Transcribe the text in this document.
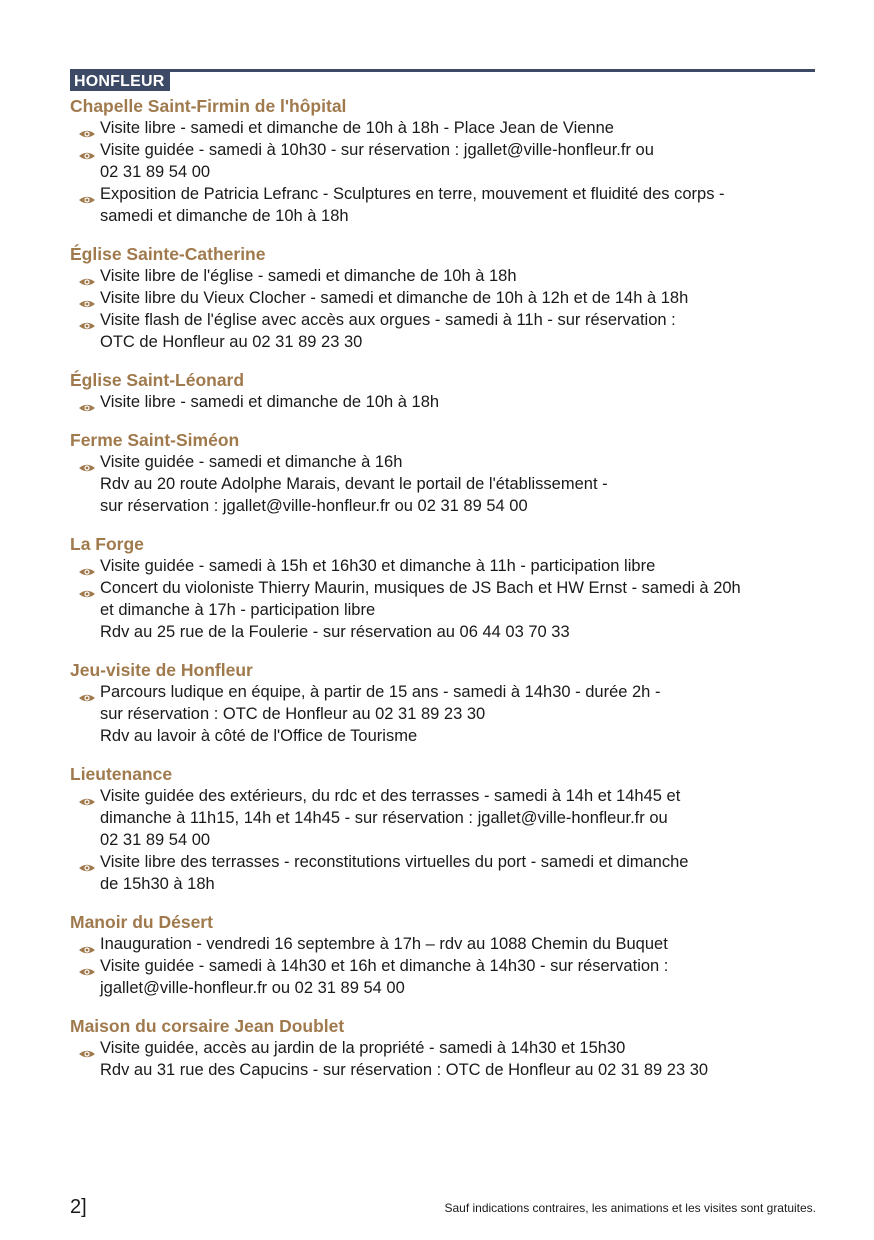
HONFLEUR
Chapelle Saint-Firmin de l'hôpital
Visite libre - samedi et dimanche de 10h à 18h - Place Jean de Vienne
Visite guidée - samedi à 10h30 - sur réservation : jgallet@ville-honfleur.fr ou
02 31 89 54 00
Exposition de Patricia Lefranc - Sculptures en terre, mouvement et fluidité des corps -
samedi et dimanche de 10h à 18h
Église Sainte-Catherine
Visite libre de l'église - samedi et dimanche de 10h à 18h
Visite libre du Vieux Clocher - samedi et dimanche de 10h à 12h et de 14h à 18h
Visite flash de l'église avec accès aux orgues - samedi à 11h - sur réservation :
OTC de Honfleur au 02 31 89 23 30
Église Saint-Léonard
Visite libre - samedi et dimanche de 10h à 18h
Ferme Saint-Siméon
Visite guidée - samedi et dimanche à 16h
Rdv au 20 route Adolphe Marais, devant le portail de l'établissement -
sur réservation : jgallet@ville-honfleur.fr ou 02 31 89 54 00
La Forge
Visite guidée - samedi à 15h et 16h30 et dimanche à 11h - participation libre
Concert du violoniste Thierry Maurin, musiques de JS Bach et HW Ernst - samedi à 20h
et dimanche à 17h - participation libre
Rdv au 25 rue de la Foulerie - sur réservation au 06 44 03 70 33
Jeu-visite de Honfleur
Parcours ludique en équipe, à partir de 15 ans - samedi à 14h30 - durée 2h -
sur réservation : OTC de Honfleur au 02 31 89 23 30
Rdv au lavoir à côté de l'Office de Tourisme
Lieutenance
Visite guidée des extérieurs, du rdc et des terrasses - samedi à 14h et 14h45 et
dimanche à 11h15, 14h et 14h45 - sur réservation : jgallet@ville-honfleur.fr ou
02 31 89 54 00
Visite libre des terrasses - reconstitutions virtuelles du port - samedi et dimanche
de 15h30 à 18h
Manoir du Désert
Inauguration - vendredi 16 septembre à 17h – rdv au 1088 Chemin du Buquet
Visite guidée - samedi à 14h30 et 16h et dimanche à 14h30 - sur réservation :
jgallet@ville-honfleur.fr ou 02 31 89 54 00
Maison du corsaire Jean Doublet
Visite guidée, accès au jardin de la propriété - samedi à 14h30 et 15h30
Rdv au 31 rue des Capucins - sur réservation : OTC de Honfleur au 02 31 89 23 30
2]	Sauf indications contraires, les animations et les visites sont gratuites.
